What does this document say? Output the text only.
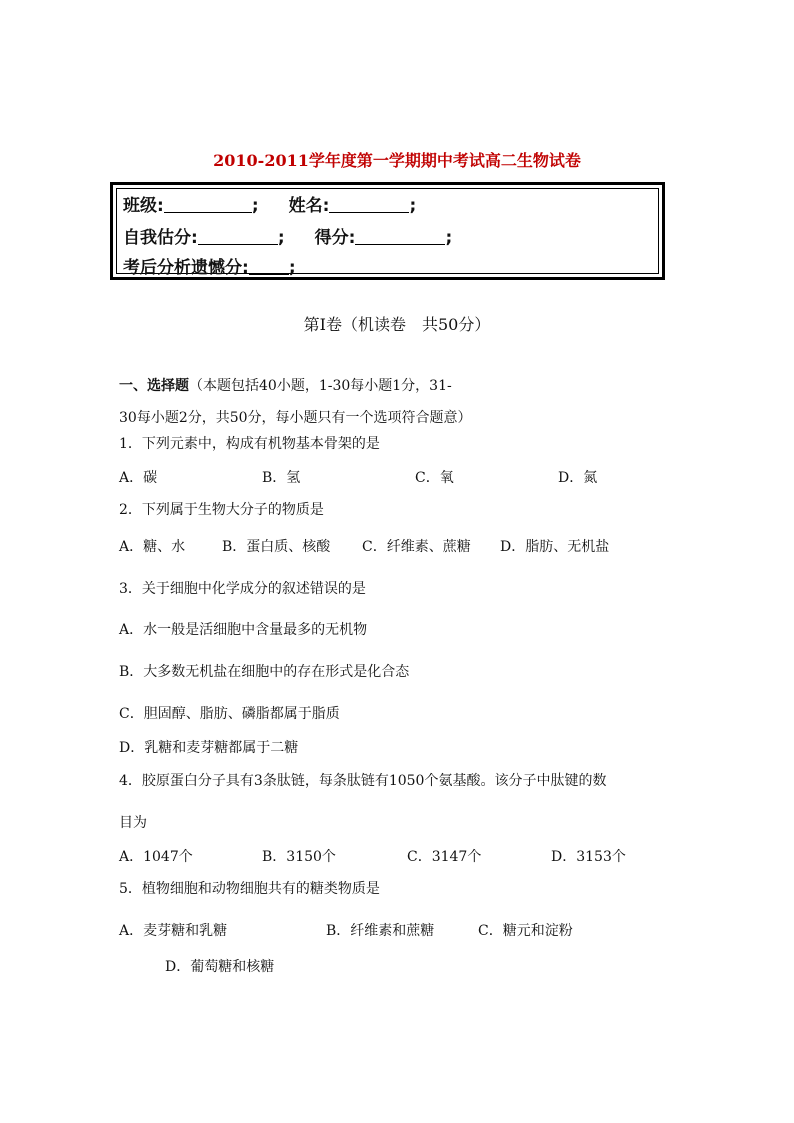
2010-2011学年度第一学期期中考试高二生物试卷
班级:	; 姓名:	;
自我估分:	; 得分:	;
考后分析遗憾分: ;
第I卷（机读卷　共50分）
一、选择题（本题包括40小题，1-30每小题1分，31-
30每小题2分，共50分，每小题只有一个选项符合题意）
1．下列元素中，构成有机物基本骨架的是
A．碳	B．氢	C．氧	D．氮
2．下列属于生物大分子的物质是
A．糖、水	B．蛋白质、核酸 C．纤维素、蔗糖 D．脂肪、无机盐
3．关于细胞中化学成分的叙述错误的是
A．水一般是活细胞中含量最多的无机物
B．大多数无机盐在细胞中的存在形式是化合态
C．胆固醇、脂肪、磷脂都属于脂质
D．乳糖和麦芽糖都属于二糖
4．胶原蛋白分子具有3条肽链，每条肽链有1050个氨基酸。该分子中肽键的数
目为
A．1047个	B．3150个	C．3147个	D．3153个
5．植物细胞和动物细胞共有的糖类物质是
A．麦芽糖和乳糖	B．纤维素和蔗糖	C．糖元和淀粉
D．葡萄糖和核糖
